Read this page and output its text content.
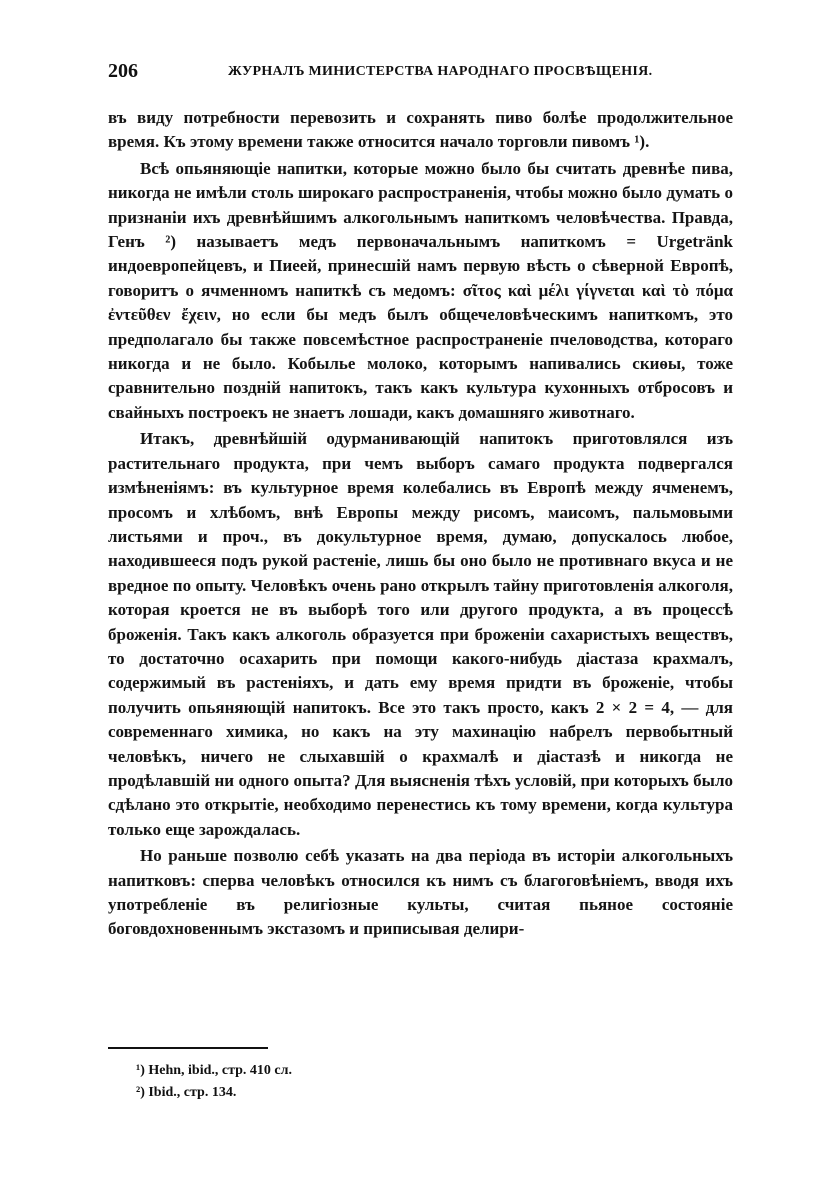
206	ЖУРНАЛЪ МИНИСТЕРСТВА НАРОДНАГО ПРОСВѢЩЕНІЯ.

въ виду потребности перевозить и сохранять пиво болѣе продолжительное время. Къ этому времени также относится начало торговли пивомъ ¹).

Всѣ опьяняющіе напитки, которые можно было бы считать древнѣе пива, никогда не имѣли столь широкаго распространенія, чтобы можно было думать о признаніи ихъ древнѣйшимъ алкогольнымъ напиткомъ человѣчества. Правда, Генъ ²) называетъ медъ первоначальнымъ напиткомъ = Urgetränk индоевропейцевъ, и Пиеей, принесшій намъ первую вѣсть о сѣверной Европѣ, говоритъ о ячменномъ напиткѣ съ медомъ: σῖτος καὶ μέλι γίγνεται καὶ τὸ πόμα ἐντεῦθεν ἔχειν, но если бы медъ былъ общечеловѣческимъ напиткомъ, это предполагало бы также повсемѣстное распространеніе пчеловодства, котораго никогда и не было. Кобылье молоко, которымъ напивались скиѳы, тоже сравнительно поздній напитокъ, такъ какъ культура кухонныхъ отбросовъ и свайныхъ построекъ не знаетъ лошади, какъ домашняго животнаго.

Итакъ, древнѣйшій одурманивающій напитокъ приготовлялся изъ растительнаго продукта, при чемъ выборъ самаго продукта подвергался измѣненіямъ: въ культурное время колебались въ Европѣ между ячменемъ, просомъ и хлѣбомъ, внѣ Европы между рисомъ, маисомъ, пальмовыми листьями и проч., въ докультурное время, думаю, допускалось любое, находившееся подъ рукой растеніе, лишь бы оно было не противнаго вкуса и не вредное по опыту. Человѣкъ очень рано открылъ тайну приготовленія алкоголя, которая кроется не въ выборѣ того или другого продукта, а въ процессѣ броженія. Такъ какъ алкоголь образуется при броженіи сахаристыхъ веществъ, то достаточно осахарить при помощи какого-нибудь діастаза крахмалъ, содержимый въ растеніяхъ, и дать ему время придти въ броженіе, чтобы получить опьяняющій напитокъ. Все это такъ просто, какъ 2 × 2 = 4, — для современнаго химика, но какъ на эту махинацію набрелъ первобытный человѣкъ, ничего не слыхавшій о крахмалѣ и діастазѣ и никогда не продѣлавшій ни одного опыта? Для выясненія тѣхъ условій, при которыхъ было сдѣлано это открытіе, необходимо перенестись къ тому времени, когда культура только еще зарождалась.

Но раньше позволю себѣ указать на два періода въ исторіи алкогольныхъ напитковъ: сперва человѣкъ относился къ нимъ съ благоговѣніемъ, вводя ихъ употребленіе въ религіозные культы, считая пьяное состояніе боговдохновеннымъ экстазомъ и приписывая делири-

¹) Hehn, ibid., стр. 410 сл.

²) Ibid., стр. 134.
